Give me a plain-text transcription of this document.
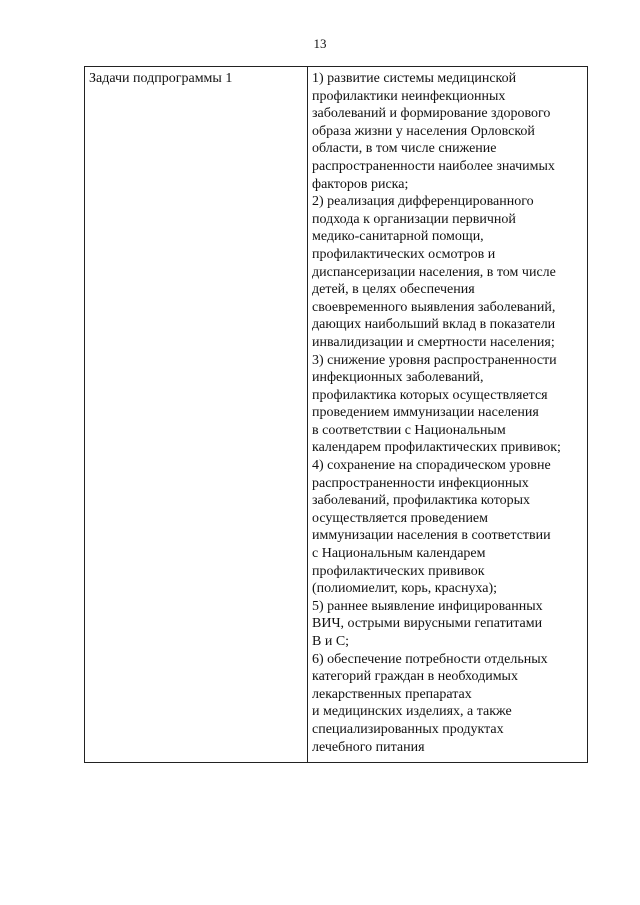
13
Задачи подпрограммы 1	1) развитие системы медицинской
профилактики неинфекционных
заболеваний и формирование здорового
образа жизни у населения Орловской
области, в том числе снижение
распространенности наиболее значимых
факторов риска;
2) реализация дифференцированного
подхода к организации первичной
медико-санитарной помощи,
профилактических осмотров и
диспансеризации населения, в том числе
детей, в целях обеспечения
своевременного выявления заболеваний,
дающих наибольший вклад в показатели
инвалидизации и смертности населения;
3) снижение уровня распространенности
инфекционных заболеваний,
профилактика которых осуществляется
проведением иммунизации населения
в соответствии с Национальным
календарем профилактических прививок;
4) сохранение на спорадическом уровне
распространенности инфекционных
заболеваний, профилактика которых
осуществляется проведением
иммунизации населения в соответствии
с Национальным календарем
профилактических прививок
(полиомиелит, корь, краснуха);
5) раннее выявление инфицированных
ВИЧ, острыми вирусными гепатитами
В и С;
6) обеспечение потребности отдельных
категорий граждан в необходимых
лекарственных препаратах
и медицинских изделиях, а также
специализированных продуктах
лечебного питания
